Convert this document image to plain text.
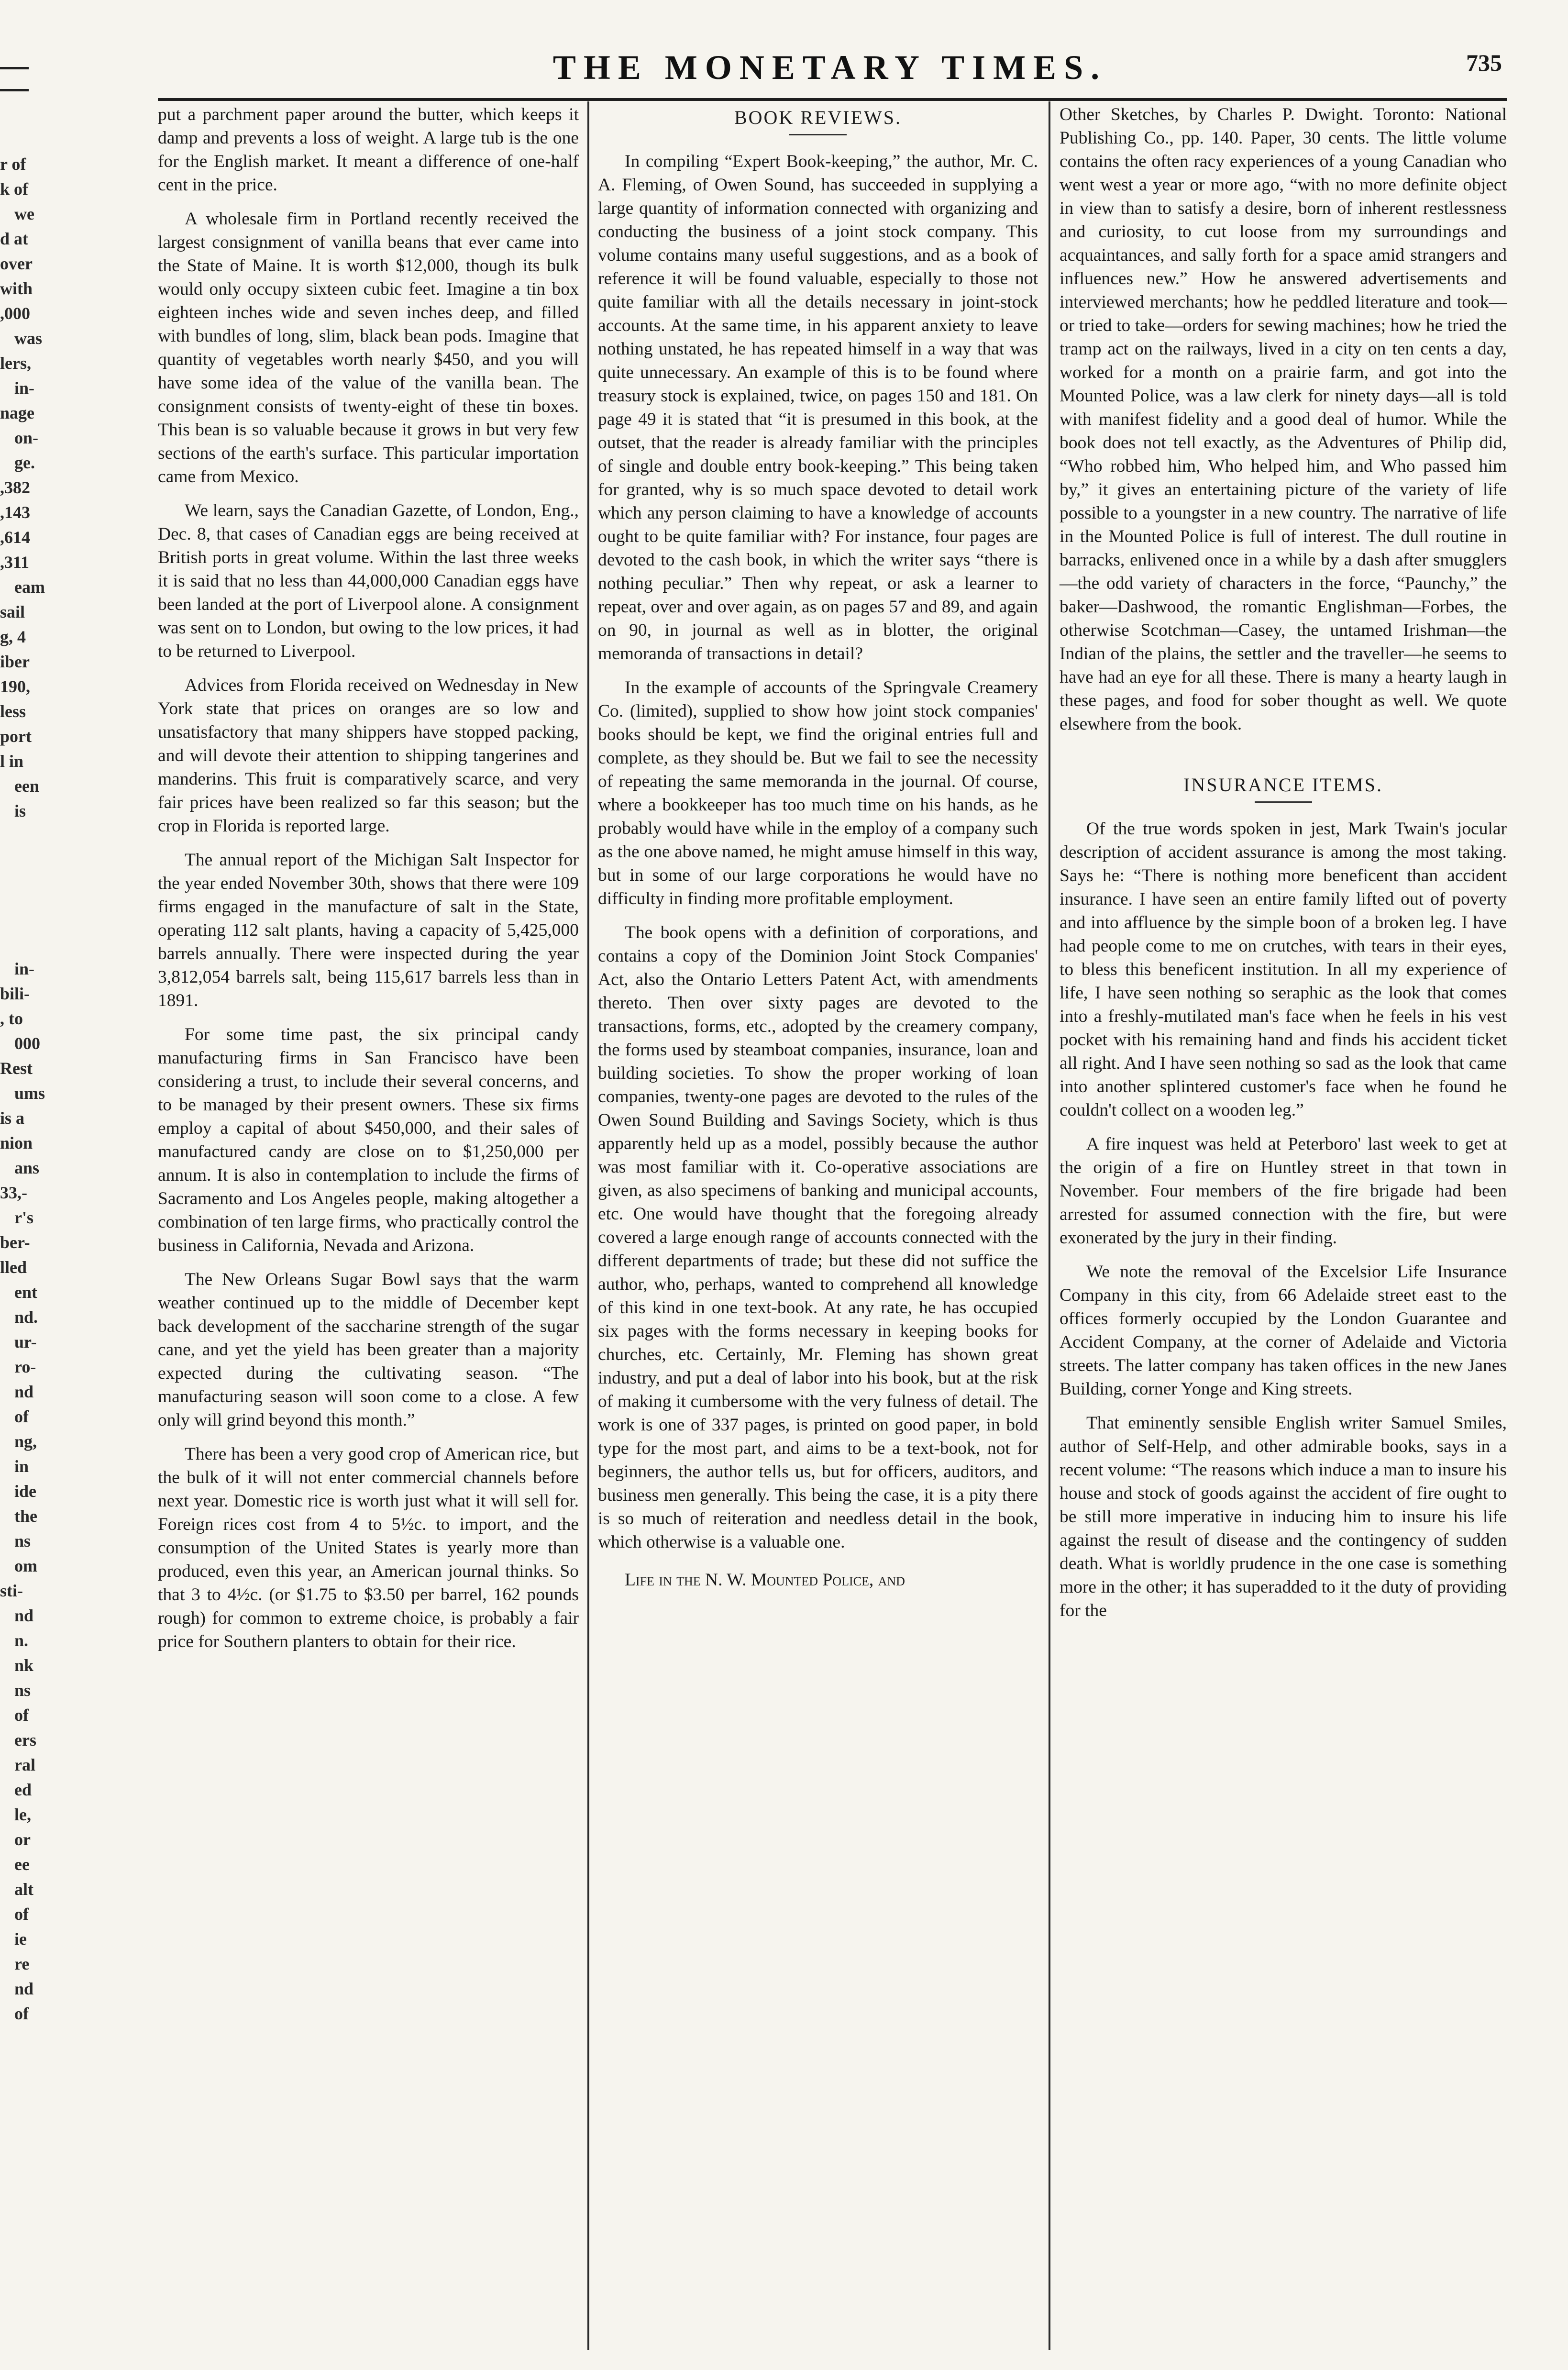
r of
k of
we
d at
over
with
,000
was
lers,
in-
nage
on-
ge.
,382
,143
,614
,311
eam
sail
g, 4
iber
190,
less
port
l in
een
is
in-
bili-
, to
000
Rest
ums
is a
nion
ans
33,-
r's
ber-
lled
ent
nd.
ur-
ro-
nd
of
ng,
in
ide
the
ns
om
sti-
nd
n.
nk
ns
of
ers
ral
ed
le,
or
ee
alt
of
ie
re
nd
of
THE MONETARY TIMES.	735

put a parchment paper around the butter, which keeps it damp and prevents a loss of weight. A large tub is the one for the English market. It meant a difference of one-half cent in the price.

A wholesale firm in Portland recently received the largest consignment of vanilla beans that ever came into the State of Maine. It is worth $12,000, though its bulk would only occupy sixteen cubic feet. Imagine a tin box eighteen inches wide and seven inches deep, and filled with bundles of long, slim, black bean pods. Imagine that quantity of vegetables worth nearly $450, and you will have some idea of the value of the vanilla bean. The consignment consists of twenty-eight of these tin boxes. This bean is so valuable because it grows in but very few sections of the earth's surface. This particular importation came from Mexico.

We learn, says the Canadian Gazette, of London, Eng., Dec. 8, that cases of Canadian eggs are being received at British ports in great volume. Within the last three weeks it is said that no less than 44,000,000 Canadian eggs have been landed at the port of Liverpool alone. A consignment was sent on to London, but owing to the low prices, it had to be returned to Liverpool.

Advices from Florida received on Wednesday in New York state that prices on oranges are so low and unsatisfactory that many shippers have stopped packing, and will devote their attention to shipping tangerines and manderins. This fruit is comparatively scarce, and very fair prices have been realized so far this season; but the crop in Florida is reported large.

The annual report of the Michigan Salt Inspector for the year ended November 30th, shows that there were 109 firms engaged in the manufacture of salt in the State, operating 112 salt plants, having a capacity of 5,425,000 barrels annually. There were inspected during the year 3,812,054 barrels salt, being 115,617 barrels less than in 1891.

For some time past, the six principal candy manufacturing firms in San Francisco have been considering a trust, to include their several concerns, and to be managed by their present owners. These six firms employ a capital of about $450,000, and their sales of manufactured candy are close on to $1,250,000 per annum. It is also in contemplation to include the firms of Sacramento and Los Angeles people, making altogether a combination of ten large firms, who practically control the business in California, Nevada and Arizona.

The New Orleans Sugar Bowl says that the warm weather continued up to the middle of December kept back development of the saccharine strength of the sugar cane, and yet the yield has been greater than a majority expected during the cultivating season. “The manufacturing season will soon come to a close. A few only will grind beyond this month.”

There has been a very good crop of American rice, but the bulk of it will not enter commercial channels before next year. Domestic rice is worth just what it will sell for. Foreign rices cost from 4 to 5½c. to import, and the consumption of the United States is yearly more than produced, even this year, an American journal thinks. So that 3 to 4½c. (or $1.75 to $3.50 per barrel, 162 pounds rough) for common to extreme choice, is probably a fair price for Southern planters to obtain for their rice.

BOOK REVIEWS.

In compiling “Expert Book-keeping,” the author, Mr. C. A. Fleming, of Owen Sound, has succeeded in supplying a large quantity of information connected with organizing and conducting the business of a joint stock company. This volume contains many useful suggestions, and as a book of reference it will be found valuable, especially to those not quite familiar with all the details necessary in joint-stock accounts. At the same time, in his apparent anxiety to leave nothing unstated, he has repeated himself in a way that was quite unnecessary. An example of this is to be found where treasury stock is explained, twice, on pages 150 and 181. On page 49 it is stated that “it is presumed in this book, at the outset, that the reader is already familiar with the principles of single and double entry book-keeping.” This being taken for granted, why is so much space devoted to detail work which any person claiming to have a knowledge of accounts ought to be quite familiar with? For instance, four pages are devoted to the cash book, in which the writer says “there is nothing peculiar.” Then why repeat, or ask a learner to repeat, over and over again, as on pages 57 and 89, and again on 90, in journal as well as in blotter, the original memoranda of transactions in detail?

In the example of accounts of the Springvale Creamery Co. (limited), supplied to show how joint stock companies' books should be kept, we find the original entries full and complete, as they should be. But we fail to see the necessity of repeating the same memoranda in the journal. Of course, where a bookkeeper has too much time on his hands, as he probably would have while in the employ of a company such as the one above named, he might amuse himself in this way, but in some of our large corporations he would have no difficulty in finding more profitable employment.

The book opens with a definition of corporations, and contains a copy of the Dominion Joint Stock Companies' Act, also the Ontario Letters Patent Act, with amendments thereto. Then over sixty pages are devoted to the transactions, forms, etc., adopted by the creamery company, the forms used by steamboat companies, insurance, loan and building societies. To show the proper working of loan companies, twenty-one pages are devoted to the rules of the Owen Sound Building and Savings Society, which is thus apparently held up as a model, possibly because the author was most familiar with it. Co-operative associations are given, as also specimens of banking and municipal accounts, etc. One would have thought that the foregoing already covered a large enough range of accounts connected with the different departments of trade; but these did not suffice the author, who, perhaps, wanted to comprehend all knowledge of this kind in one text-book. At any rate, he has occupied six pages with the forms necessary in keeping books for churches, etc. Certainly, Mr. Fleming has shown great industry, and put a deal of labor into his book, but at the risk of making it cumbersome with the very fulness of detail. The work is one of 337 pages, is printed on good paper, in bold type for the most part, and aims to be a text-book, not for beginners, the author tells us, but for officers, auditors, and business men generally. This being the case, it is a pity there is so much of reiteration and needless detail in the book, which otherwise is a valuable one.

Life in the N. W. Mounted Police, and

Other Sketches, by Charles P. Dwight. Toronto: National Publishing Co., pp. 140. Paper, 30 cents. The little volume contains the often racy experiences of a young Canadian who went west a year or more ago, “with no more definite object in view than to satisfy a desire, born of inherent restlessness and curiosity, to cut loose from my surroundings and acquaintances, and sally forth for a space amid strangers and influences new.” How he answered advertisements and interviewed merchants; how he peddled literature and took—or tried to take—orders for sewing machines; how he tried the tramp act on the railways, lived in a city on ten cents a day, worked for a month on a prairie farm, and got into the Mounted Police, was a law clerk for ninety days—all is told with manifest fidelity and a good deal of humor. While the book does not tell exactly, as the Adventures of Philip did, “Who robbed him, Who helped him, and Who passed him by,” it gives an entertaining picture of the variety of life possible to a youngster in a new country. The narrative of life in the Mounted Police is full of interest. The dull routine in barracks, enlivened once in a while by a dash after smugglers—the odd variety of characters in the force, “Paunchy,” the baker—Dashwood, the romantic Englishman—Forbes, the otherwise Scotchman—Casey, the untamed Irishman—the Indian of the plains, the settler and the traveller—he seems to have had an eye for all these. There is many a hearty laugh in these pages, and food for sober thought as well. We quote elsewhere from the book.

INSURANCE ITEMS.

Of the true words spoken in jest, Mark Twain's jocular description of accident assurance is among the most taking. Says he: “There is nothing more beneficent than accident insurance. I have seen an entire family lifted out of poverty and into affluence by the simple boon of a broken leg. I have had people come to me on crutches, with tears in their eyes, to bless this beneficent institution. In all my experience of life, I have seen nothing so seraphic as the look that comes into a freshly-mutilated man's face when he feels in his vest pocket with his remaining hand and finds his accident ticket all right. And I have seen nothing so sad as the look that came into another splintered customer's face when he found he couldn't collect on a wooden leg.”

A fire inquest was held at Peterboro' last week to get at the origin of a fire on Huntley street in that town in November. Four members of the fire brigade had been arrested for assumed connection with the fire, but were exonerated by the jury in their finding.

We note the removal of the Excelsior Life Insurance Company in this city, from 66 Adelaide street east to the offices formerly occupied by the London Guarantee and Accident Company, at the corner of Adelaide and Victoria streets. The latter company has taken offices in the new Janes Building, corner Yonge and King streets.

That eminently sensible English writer Samuel Smiles, author of Self-Help, and other admirable books, says in a recent volume: “The reasons which induce a man to insure his house and stock of goods against the accident of fire ought to be still more imperative in inducing him to insure his life against the result of disease and the contingency of sudden death. What is worldly prudence in the one case is something more in the other; it has superadded to it the duty of providing for the
